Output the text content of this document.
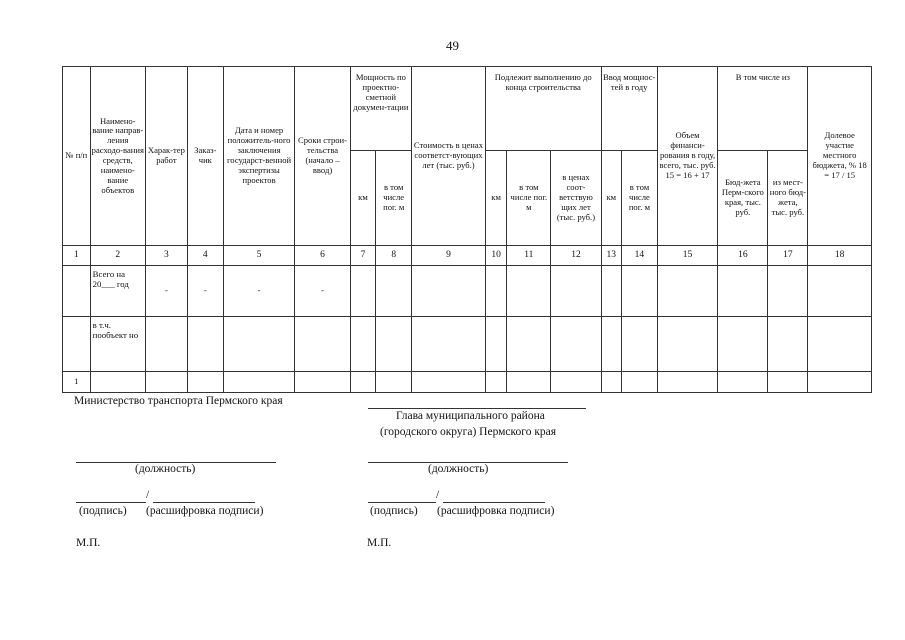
49
№ п/п	Наимено-вание направ-ления расходо-вания средств, наимено-вание объектов	Харак-тер работ	Заказ-чик	Дата и номер положитель-ного заключения государст-венной экспертизы проектов	Сроки строи-тельства (начало – ввод)	Мощность по проектно-сметной докумен-тации		Стоимость в ценах соответст-вующих лет (тыс. руб.)	Подлежит выполнению до конца строительства			Ввод мощнос-тей в году		Объем финанси-рования в году, всего, тыс. руб. 15 = 16 + 17	В том числе из		Долевое участие местного бюджета, % 18 = 17 / 15
						км	в том числе пог. м		км	в том числе пог. м	в ценах соот-ветствую щих лет (тыс. руб.)	км	в том числе пог. м		Бюд-жета Перм-ского края, тыс. руб.	из мест-ного бюд-жета, тыс. руб.	
1	2	3	4	5	6	7	8	9	10	11	12	13	14	15	16	17	18
	Всего на 20___ год	-	-	-	-												
	в т.ч. пообъект но																
1																	
Министерство транспорта Пермского края
(должность)
/
(подпись) (расшифровка подписи)
М.П.
Глава муниципального района
(городского округа) Пермского края
(должность)
/
(подпись) (расшифровка подписи)
М.П.
